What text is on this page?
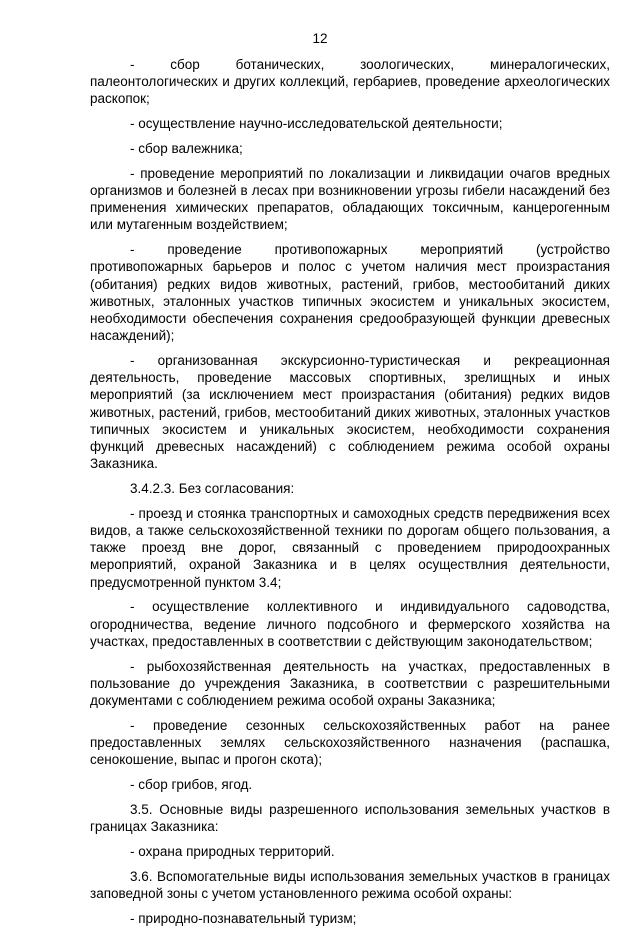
12

- сбор ботанических, зоологических, минералогических, палеонтологических и других коллекций, гербариев, проведение археологических раскопок;

- осуществление научно-исследовательской деятельности;

- сбор валежника;

- проведение мероприятий по локализации и ликвидации очагов вредных организмов и болезней в лесах при возникновении угрозы гибели насаждений без применения химических препаратов, обладающих токсичным, канцерогенным или мутагенным воздействием;

- проведение противопожарных мероприятий (устройство противопожарных барьеров и полос с учетом наличия мест произрастания (обитания) редких видов животных, растений, грибов, местообитаний диких животных, эталонных участков типичных экосистем и уникальных экосистем, необходимости обеспечения сохранения средообразующей функции древесных насаждений);

- организованная экскурсионно-туристическая и рекреационная деятельность, проведение массовых спортивных, зрелищных и иных мероприятий (за исключением мест произрастания (обитания) редких видов животных, растений, грибов, местообитаний диких животных, эталонных участков типичных экосистем и уникальных экосистем, необходимости сохранения функций древесных насаждений) с соблюдением режима особой охраны Заказника.

3.4.2.3. Без согласования:

- проезд и стоянка транспортных и самоходных средств передвижения всех видов, а также сельскохозяйственной техники по дорогам общего пользования, а также проезд вне дорог, связанный с проведением природоохранных мероприятий, охраной Заказника и в целях осуществлния деятельности, предусмотренной пунктом 3.4;

- осуществление коллективного и индивидуального садоводства, огородничества, ведение личного подсобного и фермерского хозяйства на участках, предоставленных в соответствии с действующим законодательством;

- рыбохозяйственная деятельность на участках, предоставленных в пользование до учреждения Заказника, в соответствии с разрешительными документами с соблюдением режима особой охраны Заказника;

- проведение сезонных сельскохозяйственных работ на ранее предоставленных землях сельскохозяйственного назначения (распашка, сенокошение, выпас и прогон скота);

- сбор грибов, ягод.

3.5. Основные виды разрешенного использования земельных участков в границах Заказника:

- охрана природных территорий.

3.6. Вспомогательные виды использования земельных участков в границах заповедной зоны с учетом установленного режима особой охраны:

- природно-познавательный туризм;
